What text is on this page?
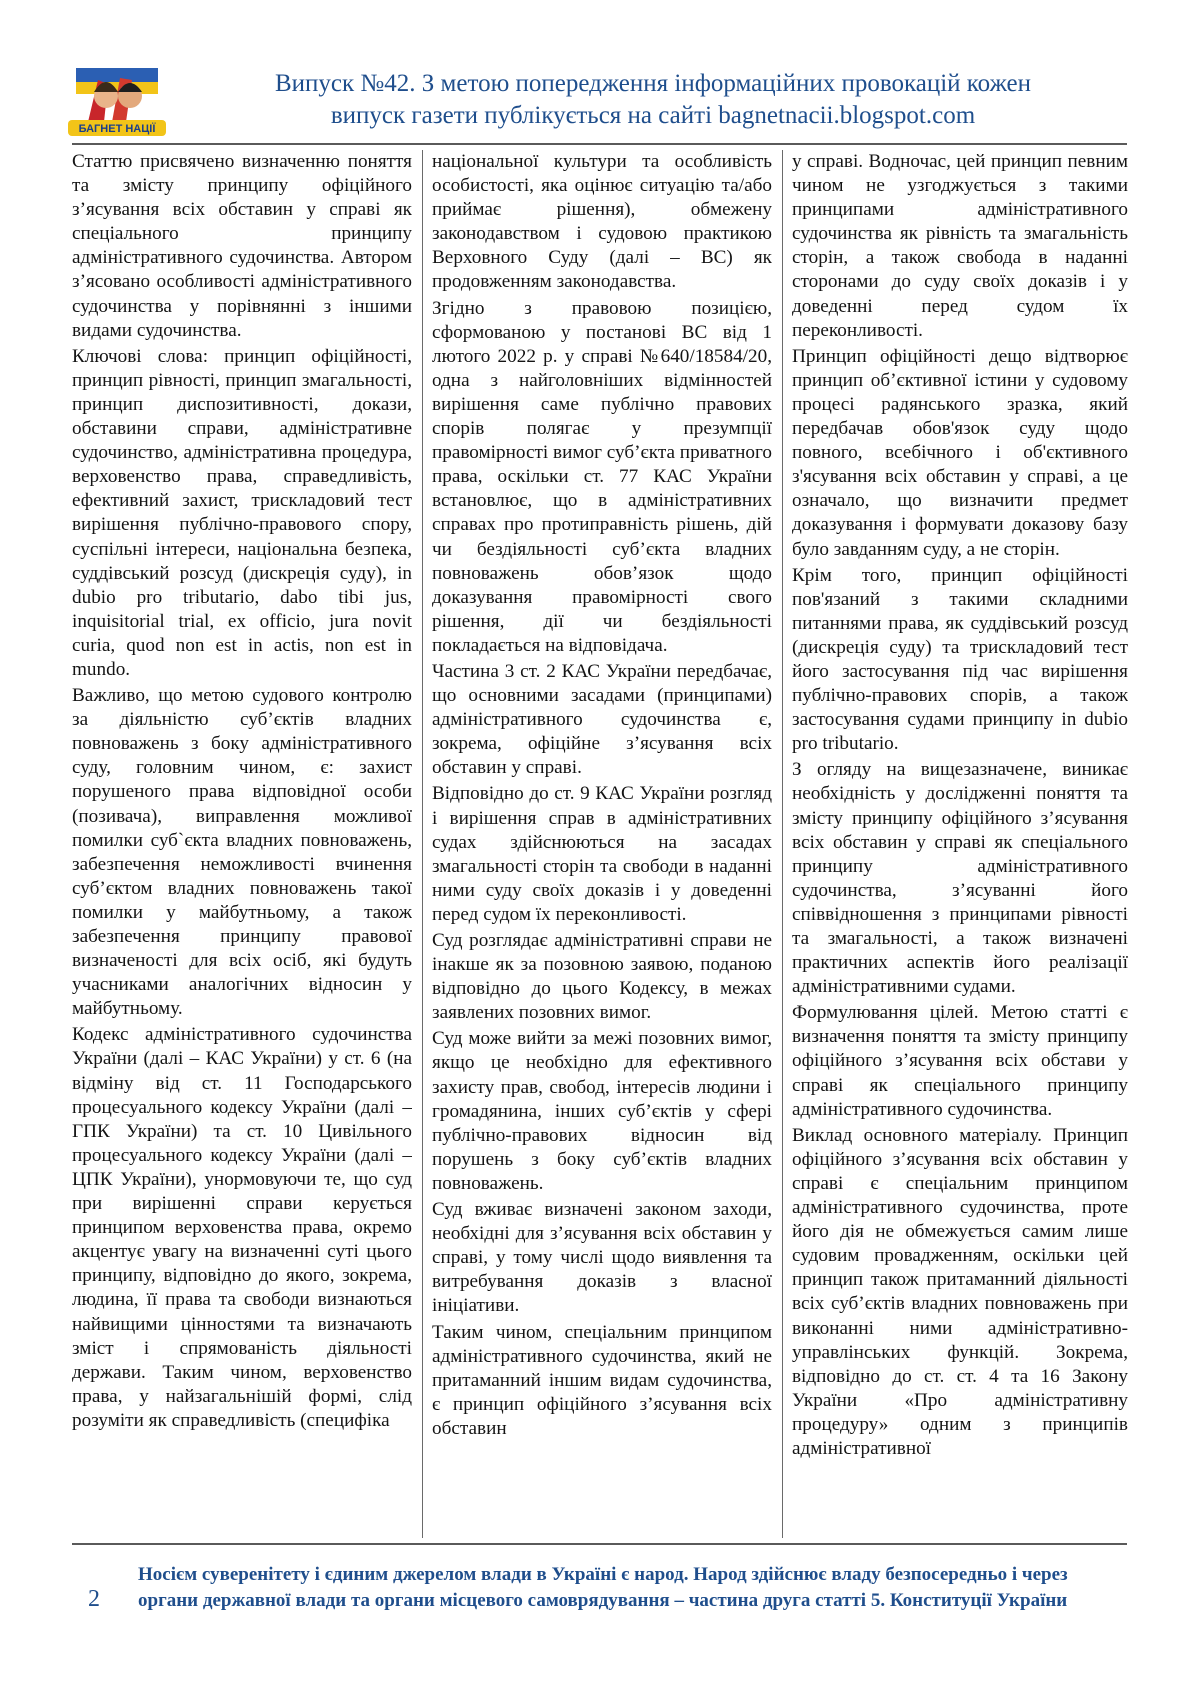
БАГНЕТ НАЦІЇ
Випуск №42. З метою попередження інформаційних провокацій кожен
випуск газети публікується на сайті bagnetnacii.blogspot.com

Статтю присвячено визначенню поняття та змісту принципу офіційного з’ясування всіх обставин у справі як спеціального принципу адміністративного судочинства. Автором з’ясовано особливості адміністративного судочинства у порівнянні з іншими видами судочинства.

Ключові слова: принцип офіційності, принцип рівності, принцип змагальності, принцип диспозитивності, докази, обставини справи, адміністративне судочинство, адміністративна процедура, верховенство права, справедливість, ефективний захист, трискладовий тест вирішення публічно-правового спору, суспільні інтереси, національна безпека, суддівський розсуд (дискреція суду), in dubio pro tributario, dabo tibi jus, inquisitorial trial, ex officio, jura novit curia, quod non est in actis, non est in mundo.

Важливо, що метою судового контролю за діяльністю суб’єктів владних повноважень з боку адміністративного суду, головним чином, є: захист порушеного права відповідної особи (позивача), виправлення можливої помилки суб`єкта владних повноважень, забезпечення неможливості вчинення суб’єктом владних повноважень такої помилки у майбутньому, а також забезпечення принципу правової визначеності для всіх осіб, які будуть учасниками аналогічних відносин у майбутньому.

Кодекс адміністративного судочинства України (далі – КАС України) у ст. 6 (на відміну від ст. 11 Господарського процесуального кодексу України (далі – ГПК України) та ст. 10 Цивільного процесуального кодексу України (далі – ЦПК України), унормовуючи те, що суд при вирішенні справи керується принципом верховенства права, окремо акцентує увагу на визначенні суті цього принципу, відповідно до якого, зокрема, людина, її права та свободи визнаються найвищими цінностями та визначають зміст і спрямованість діяльності держави. Таким чином, верховенство права, у найзагальнішій формі, слід розуміти як справедливість (специфіка

національної культури та особливість особистості, яка оцінює ситуацію та/або приймає рішення), обмежену законодавством і судовою практикою Верховного Суду (далі – ВС) як продовженням законодавства.

Згідно з правовою позицією, сформованою у постанові ВС від 1 лютого 2022 р. у справі №640/18584/20, одна з найголовніших відмінностей вирішення саме публічно правових спорів полягає у презумпції правомірності вимог суб’єкта приватного права, оскільки ст. 77 КАС України встановлює, що в адміністративних справах про протиправність рішень, дій чи бездіяльності суб’єкта владних повноважень обов’язок щодо доказування правомірності свого рішення, дії чи бездіяльності покладається на відповідача.

Частина 3 ст. 2 КАС України передбачає, що основними засадами (принципами) адміністративного судочинства є, зокрема, офіційне з’ясування всіх обставин у справі.

Відповідно до ст. 9 КАС України розгляд і вирішення справ в адміністративних судах здійснюються на засадах змагальності сторін та свободи в наданні ними суду своїх доказів і у доведенні перед судом їх переконливості.

Суд розглядає адміністративні справи не інакше як за позовною заявою, поданою відповідно до цього Кодексу, в межах заявлених позовних вимог.

Суд може вийти за межі позовних вимог, якщо це необхідно для ефективного захисту прав, свобод, інтересів людини і громадянина, інших суб’єктів у сфері публічно-правових відносин від порушень з боку суб’єктів владних повноважень.

Суд вживає визначені законом заходи, необхідні для з’ясування всіх обставин у справі, у тому числі щодо виявлення та витребування доказів з власної ініціативи.

Таким чином, спеціальним принципом адміністративного судочинства, який не притаманний іншим видам судочинства, є принцип офіційного з’ясування всіх обставин

у справі. Водночас, цей принцип певним чином не узгоджується з такими принципами адміністративного судочинства як рівність та змагальність сторін, а також свобода в наданні сторонами до суду своїх доказів і у доведенні перед судом їх переконливості.

Принцип офіційності дещо відтворює принцип об’єктивної істини у судовому процесі радянського зразка, який передбачав обов'язок суду щодо повного, всебічного і об'єктивного з'ясування всіх обставин у справі, а це означало, що визначити предмет доказування і формувати доказову базу було завданням суду, а не сторін.

Крім того, принцип офіційності пов'язаний з такими складними питаннями права, як суддівський розсуд (дискреція суду) та трискладовий тест його застосування під час вирішення публічно-правових спорів, а також застосування судами принципу in dubio pro tributario.

З огляду на вищезазначене, виникає необхідність у дослідженні поняття та змісту принципу офіційного з’ясування всіх обставин у справі як спеціального принципу адміністративного судочинства, з’ясуванні його співвідношення з принципами рівності та змагальності, а також визначені практичних аспектів його реалізації адміністративними судами.

Формулювання цілей. Метою статті є визначення поняття та змісту принципу офіційного з’ясування всіх обстави у справі як спеціального принципу адміністративного судочинства.

Виклад основного матеріалу. Принцип офіційного з’ясування всіх обставин у справі є спеціальним принципом адміністративного судочинства, проте його дія не обмежується самим лише судовим провадженням, оскільки цей принцип також притаманний діяльності всіх суб’єктів владних повноважень при виконанні ними адміністративно-управлінських функцій. Зокрема, відповідно до ст. ст. 4 та 16 Закону України «Про адміністративну процедуру» одним з принципів адміністративної

2
Носієм суверенітету і єдиним джерелом влади в Україні є народ. Народ здійснює владу безпосередньо і через
органи державної влади та органи місцевого самоврядування – частина друга статті 5. Конституції України
